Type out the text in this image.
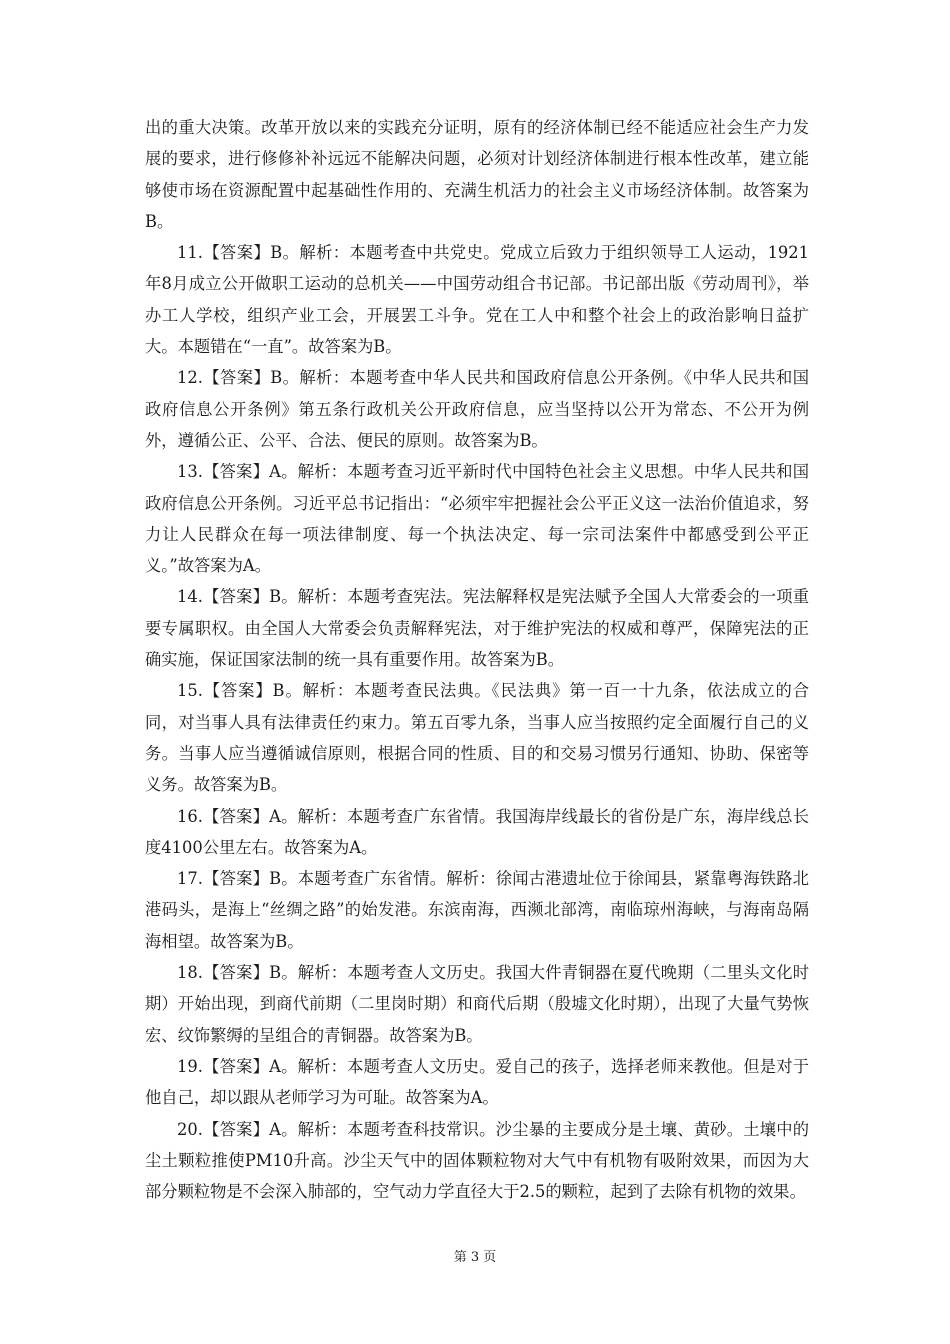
出的重大决策。改革开放以来的实践充分证明，原有的经济体制已经不能适应社会生产力发展的要求，进行修修补补远远不能解决问题，必须对计划经济体制进行根本性改革，建立能够使市场在资源配置中起基础性作用的、充满生机活力的社会主义市场经济体制。故答案为B。

11.【答案】B。解析：本题考查中共党史。党成立后致力于组织领导工人运动，1921年8月成立公开做职工运动的总机关——中国劳动组合书记部。书记部出版《劳动周刊》，举办工人学校，组织产业工会，开展罢工斗争。党在工人中和整个社会上的政治影响日益扩大。本题错在“一直”。故答案为B。

12.【答案】B。解析：本题考查中华人民共和国政府信息公开条例。《中华人民共和国政府信息公开条例》第五条行政机关公开政府信息，应当坚持以公开为常态、不公开为例外，遵循公正、公平、合法、便民的原则。故答案为B。

13.【答案】A。解析：本题考查习近平新时代中国特色社会主义思想。中华人民共和国政府信息公开条例。习近平总书记指出：“必须牢牢把握社会公平正义这一法治价值追求，努力让人民群众在每一项法律制度、每一个执法决定、每一宗司法案件中都感受到公平正义。”故答案为A。

14.【答案】B。解析：本题考查宪法。宪法解释权是宪法赋予全国人大常委会的一项重要专属职权。由全国人大常委会负责解释宪法，对于维护宪法的权威和尊严，保障宪法的正确实施，保证国家法制的统一具有重要作用。故答案为B。

15.【答案】B。解析：本题考查民法典。《民法典》第一百一十九条，依法成立的合同，对当事人具有法律责任约束力。第五百零九条，当事人应当按照约定全面履行自己的义务。当事人应当遵循诚信原则，根据合同的性质、目的和交易习惯另行通知、协助、保密等义务。故答案为B。

16.【答案】A。解析：本题考查广东省情。我国海岸线最长的省份是广东，海岸线总长度4100公里左右。故答案为A。

17.【答案】B。本题考查广东省情。解析：徐闻古港遗址位于徐闻县，紧靠粤海铁路北港码头，是海上“丝绸之路”的始发港。东滨南海，西濒北部湾，南临琼州海峡，与海南岛隔海相望。故答案为B。

18.【答案】B。解析：本题考查人文历史。我国大件青铜器在夏代晚期（二里头文化时期）开始出现，到商代前期（二里岗时期）和商代后期（殷墟文化时期），出现了大量气势恢宏、纹饰繁缛的呈组合的青铜器。故答案为B。

19.【答案】A。解析：本题考查人文历史。爱自己的孩子，选择老师来教他。但是对于他自己，却以跟从老师学习为可耻。故答案为A。

20.【答案】A。解析：本题考查科技常识。沙尘暴的主要成分是土壤、黄砂。土壤中的尘土颗粒推使PM10升高。沙尘天气中的固体颗粒物对大气中有机物有吸附效果，而因为大部分颗粒物是不会深入肺部的，空气动力学直径大于2.5的颗粒，起到了去除有机物的效果。

第 3 页
